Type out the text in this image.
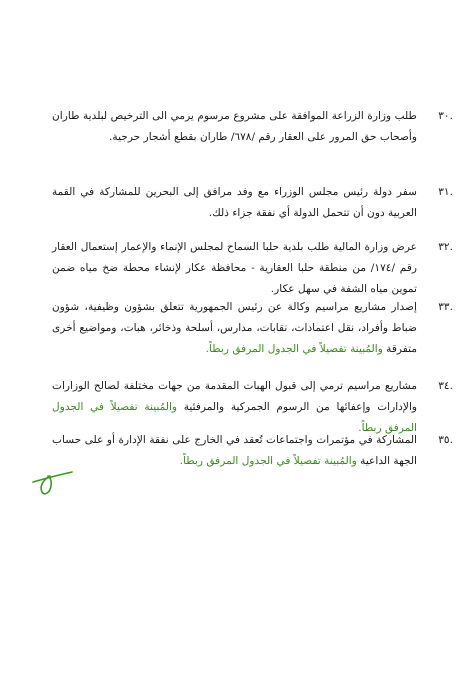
.٣٠
طلب وزارة الزراعة الموافقة على مشروع مرسوم يرمي الى الترخيص لبلدية طاران وأصحاب حق المرور على العقار رقم /٦٧٨/ طاران بقطع أشجار حرجية.
.٣١
سفر دولة رئيس مجلس الوزراء مع وفد مرافق إلى البحرين للمشاركة في القمة العربية دون أن تتحمل الدولة أي نفقة جزاء ذلك.
.٣٢
عرض وزارة المالية طلب بلدية حلبا السماح لمجلس الإنماء والإعمار إستعمال العقار رقم /١٧٤/ من منطقة حلبا العقارية - محافظة عكار لإنشاء محطة ضخ مياه ضمن تموين مياه الشفة في سهل عكار.
.٣٣
إصدار مشاريع مراسيم وكالة عن رئيس الجمهورية تتعلق بشؤون وظيفية، شؤون ضباط وأفراد، نقل اعتمادات، نقابات، مدارس، أسلحة وذخائر، هبات، ومواضيع أخرى متفرقة والمُبينة تفصيلاً في الجدول المرفق ربطاً.
.٣٤
مشاريع مراسيم ترمي إلى قبول الهبات المقدمة من جهات مختلفة لصالح الوزارات والإدارات وإعفائها من الرسوم الجمركية والمرفئية والمُبينة تفصيلاً في الجدول المرفق ربطاً.
.٣٥
المشاركة في مؤتمرات واجتماعات تُعقد في الخارج على نفقة الإدارة أو على حساب الجهة الداعية والمُبينة تفصيلاً في الجدول المرفق ربطاً.
